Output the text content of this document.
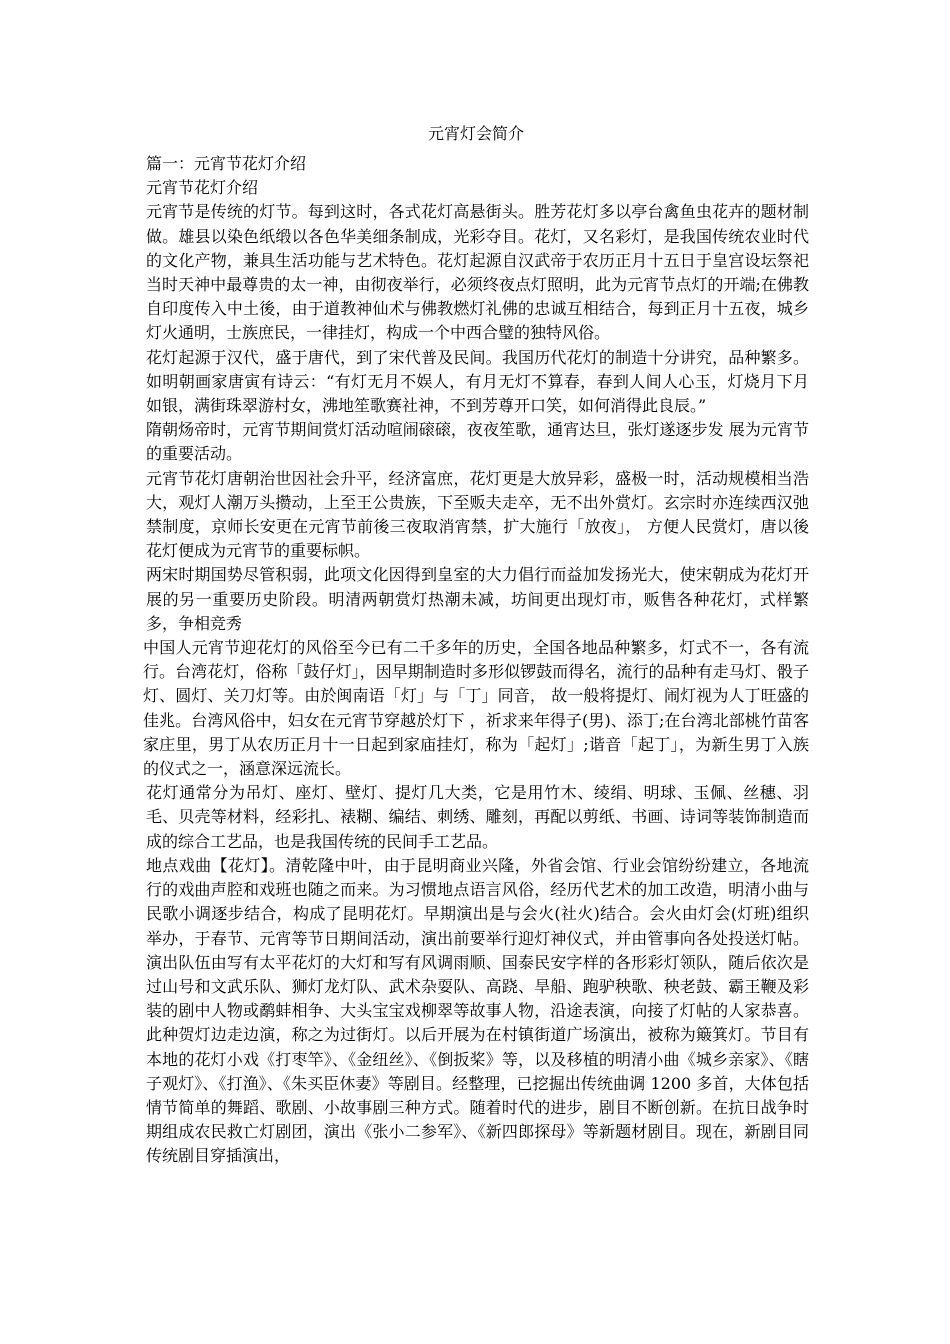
元宵灯会简介

篇一：元宵节花灯介绍

元宵节花灯介绍

元宵节是传统的灯节。每到这时，各式花灯高悬街头。胜芳花灯多以亭台禽鱼虫花卉的题材制做。雄县以染色纸缎以各色华美细条制成，光彩夺目。花灯，又名彩灯，是我国传统农业时代的文化产物，兼具生活功能与艺术特色。花灯起源自汉武帝于农历正月十五日于皇宫设坛祭祀当时天神中最尊贵的太一神，由彻夜举行，必须终夜点灯照明，此为元宵节点灯的开端;在佛教自印度传入中土後，由于道教神仙术与佛教燃灯礼佛的忠诚互相结合，每到正月十五夜，城乡灯火通明，士族庶民，一律挂灯，构成一个中西合璧的独特风俗。

花灯起源于汉代，盛于唐代，到了宋代普及民间。我国历代花灯的制造十分讲究，品种繁多。如明朝画家唐寅有诗云：“有灯无月不娱人，有月无灯不算春，春到人间人心玉，灯烧月下月如银，满街珠翠游村女，沸地笙歌赛社神，不到芳尊开口笑，如何消得此良辰。”

隋朝炀帝时，元宵节期间赏灯活动喧闹磙磙，夜夜笙歌，通宵达旦，张灯遂逐步发 展为元宵节的重要活动。

元宵节花灯唐朝治世因社会升平，经济富庶，花灯更是大放异彩，盛极一时，活动规模相当浩 大，观灯人潮万头攒动，上至王公贵族，下至贩夫走卒，无不出外赏灯。玄宗时亦连续西汉弛禁制度，京师长安更在元宵节前後三夜取消宵禁，扩大施行「放夜」， 方便人民赏灯，唐以後花灯便成为元宵节的重要标帜。

两宋时期国势尽管积弱，此项文化因得到皇室的大力倡行而益加发扬光大，使宋朝成为花灯开展的另一重要历史阶段。明清两朝赏灯热潮未减，坊间更出现灯市，贩售各种花灯，式样繁多，争相竞秀

中国人元宵节迎花灯的风俗至今已有二千多年的历史，全国各地品种繁多，灯式不一，各有流行。台湾花灯，俗称「鼓仔灯」，因早期制造时多形似锣鼓而得名，流行的品种有走马灯、骰子灯、圆灯、关刀灯等。由於闽南语「灯」与「丁」同音， 故一般将提灯、闹灯视为人丁旺盛的佳兆。台湾风俗中，妇女在元宵节穿越於灯下 ，祈求来年得子(男)、添丁;在台湾北部桃竹苗客家庄里，男丁从农历正月十一日起到家庙挂灯，称为「起灯」;谐音「起丁」，为新生男丁入族的仪式之一，涵意深远流长。

花灯通常分为吊灯、座灯、壁灯、提灯几大类，它是用竹木、绫绢、明球、玉佩、丝穗、羽毛、贝壳等材料，经彩扎、裱糊、编结、刺绣、雕刻，再配以剪纸、书画、诗词等装饰制造而成的综合工艺品，也是我国传统的民间手工艺品。

地点戏曲【花灯】。清乾隆中叶，由于昆明商业兴隆，外省会馆、行业会馆纷纷建立，各地流行的戏曲声腔和戏班也随之而来。为习惯地点语言风俗，经历代艺术的加工改造，明清小曲与民歌小调逐步结合，构成了昆明花灯。早期演出是与会火(社火)结合。会火由灯会(灯班)组织举办，于春节、元宵等节日期间活动，演出前要举行迎灯神仪式，并由管事向各处投送灯帖。演出队伍由写有太平花灯的大灯和写有风调雨顺、国泰民安字样的各形彩灯领队，随后依次是过山号和文武乐队、狮灯龙灯队、武术杂耍队、高跷、旱船、跑驴秧歌、秧老鼓、霸王鞭及彩装的剧中人物或鹬蚌相争、大头宝宝戏柳翠等故事人物，沿途表演，向接了灯帖的人家恭喜。此种贺灯边走边演，称之为过街灯。以后开展为在村镇街道广场演出，被称为簸箕灯。节目有本地的花灯小戏《打枣竿》、《金纽丝》、《倒扳桨》等，以及移植的明清小曲《城乡亲家》、《瞎子观灯》、《打渔》、《朱买臣休妻》等剧目。经整理，已挖掘出传统曲调 1200 多首，大体包括情节简单的舞蹈、歌剧、小故事剧三种方式。随着时代的进步，剧目不断创新。在抗日战争时期组成农民救亡灯剧团，演出《张小二参军》、《新四郎探母》等新题材剧目。现在，新剧目同传统剧目穿插演出，
